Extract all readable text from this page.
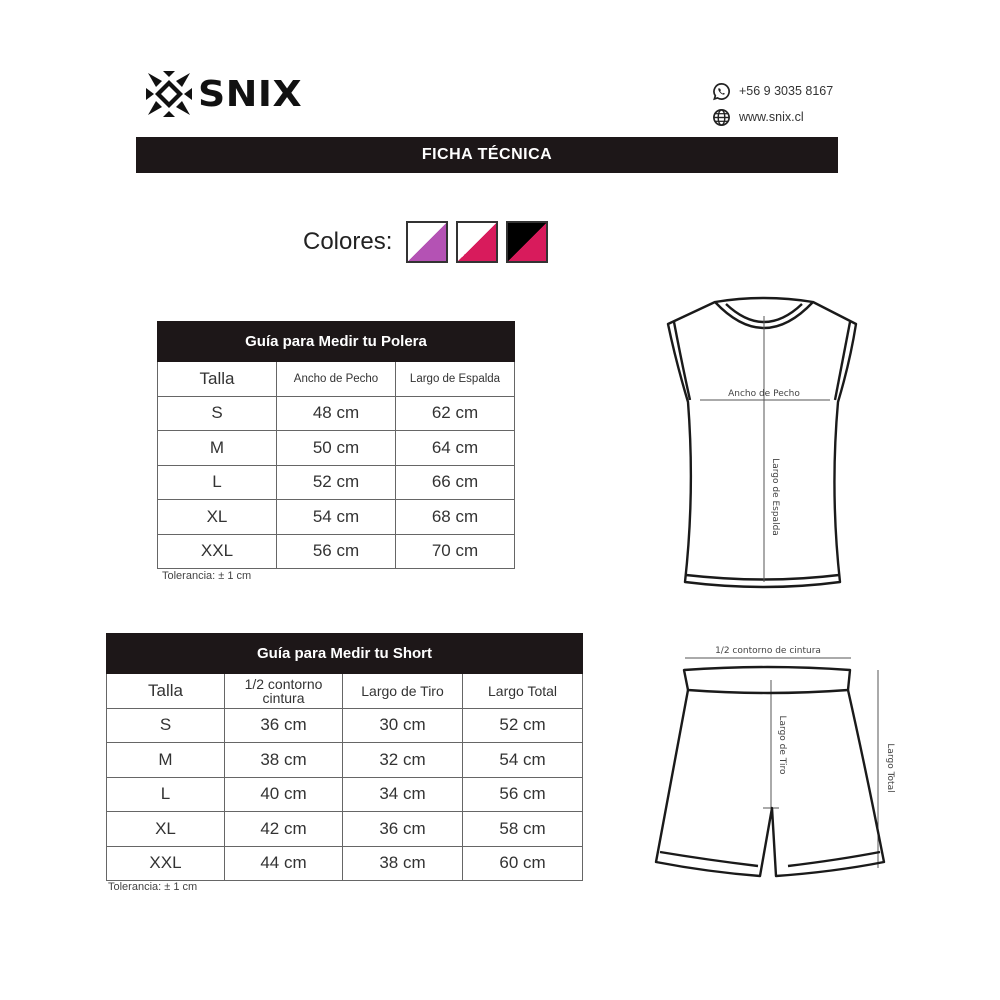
SNIX	+56 9 3035 8167
www.snix.cl
FICHA TÉCNICA
Colores:
Guía para Medir tu Polera		
Talla	Ancho de Pecho	Largo de Espalda
S	48 cm	62 cm
M	50 cm	64 cm
L	52 cm	66 cm
XL	54 cm	68 cm
XXL	56 cm	70 cm
Tolerancia: ± 1 cm
Guía para Medir tu Short			
Talla	1/2 contorno cintura	Largo de Tiro	Largo Total
S	36 cm	30 cm	52 cm
M	38 cm	32 cm	54 cm
L	40 cm	34 cm	56 cm
XL	42 cm	36 cm	58 cm
XXL	44 cm	38 cm	60 cm
Tolerancia: ± 1 cm
Ancho de Pecho
Largo de Espalda
1/2 contorno de cintura
Largo de Tiro	Largo Total
